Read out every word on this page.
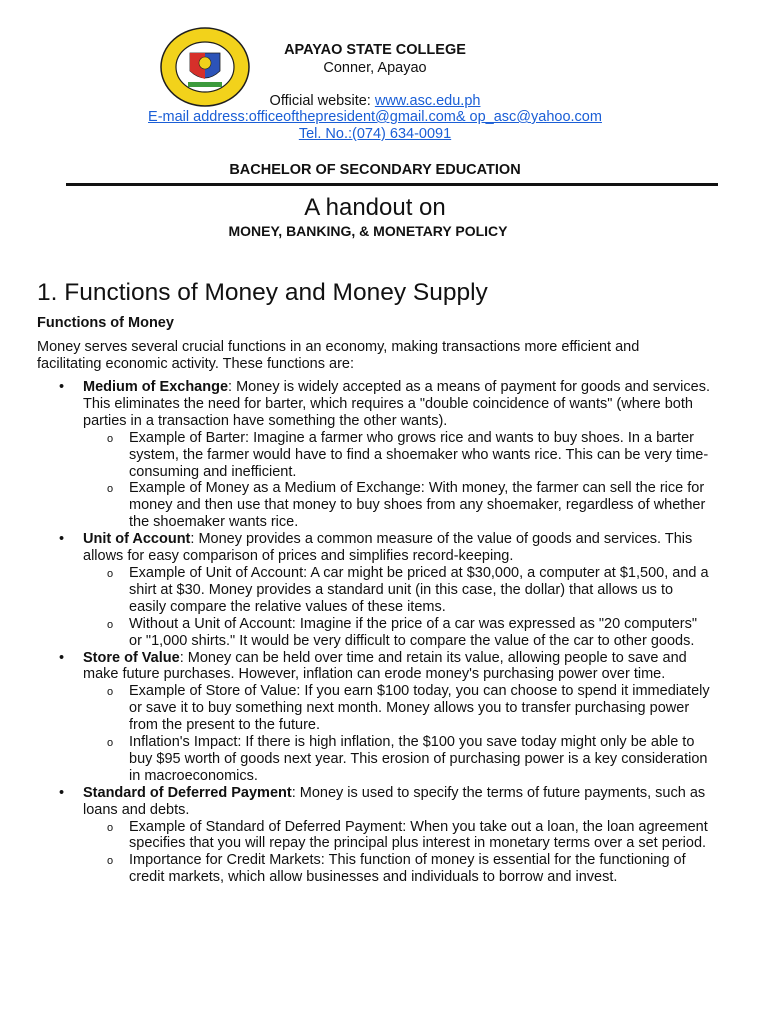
APAYAO STATE COLLEGE
Conner, Apayao
Official website: www.asc.edu.ph
E-mail address:officeofthepresident@gmail.com& op_asc@yahoo.com
Tel. No.:(074) 634-0091
BACHELOR OF SECONDARY EDUCATION
A handout on
MONEY, BANKING, & MONETARY POLICY
1. Functions of Money and Money Supply
Functions of Money
Money serves several crucial functions in an economy, making transactions more efficient and facilitating economic activity. These functions are:
• Medium of Exchange: Money is widely accepted as a means of payment for goods and services. This eliminates the need for barter, which requires a "double coincidence of wants" (where both parties in a transaction have something the other wants).
o Example of Barter: Imagine a farmer who grows rice and wants to buy shoes. In a barter system, the farmer would have to find a shoemaker who wants rice. This can be very time-consuming and inefficient.
o Example of Money as a Medium of Exchange: With money, the farmer can sell the rice for money and then use that money to buy shoes from any shoemaker, regardless of whether the shoemaker wants rice.
• Unit of Account: Money provides a common measure of the value of goods and services. This allows for easy comparison of prices and simplifies record-keeping.
o Example of Unit of Account: A car might be priced at $30,000, a computer at $1,500, and a shirt at $30. Money provides a standard unit (in this case, the dollar) that allows us to easily compare the relative values of these items.
o Without a Unit of Account: Imagine if the price of a car was expressed as "20 computers" or "1,000 shirts." It would be very difficult to compare the value of the car to other goods.
• Store of Value: Money can be held over time and retain its value, allowing people to save and make future purchases. However, inflation can erode money's purchasing power over time.
o Example of Store of Value: If you earn $100 today, you can choose to spend it immediately or save it to buy something next month. Money allows you to transfer purchasing power from the present to the future.
o Inflation's Impact: If there is high inflation, the $100 you save today might only be able to buy $95 worth of goods next year. This erosion of purchasing power is a key consideration in macroeconomics.
• Standard of Deferred Payment: Money is used to specify the terms of future payments, such as loans and debts.
o Example of Standard of Deferred Payment: When you take out a loan, the loan agreement specifies that you will repay the principal plus interest in monetary terms over a set period.
o Importance for Credit Markets: This function of money is essential for the functioning of credit markets, which allow businesses and individuals to borrow and invest.
